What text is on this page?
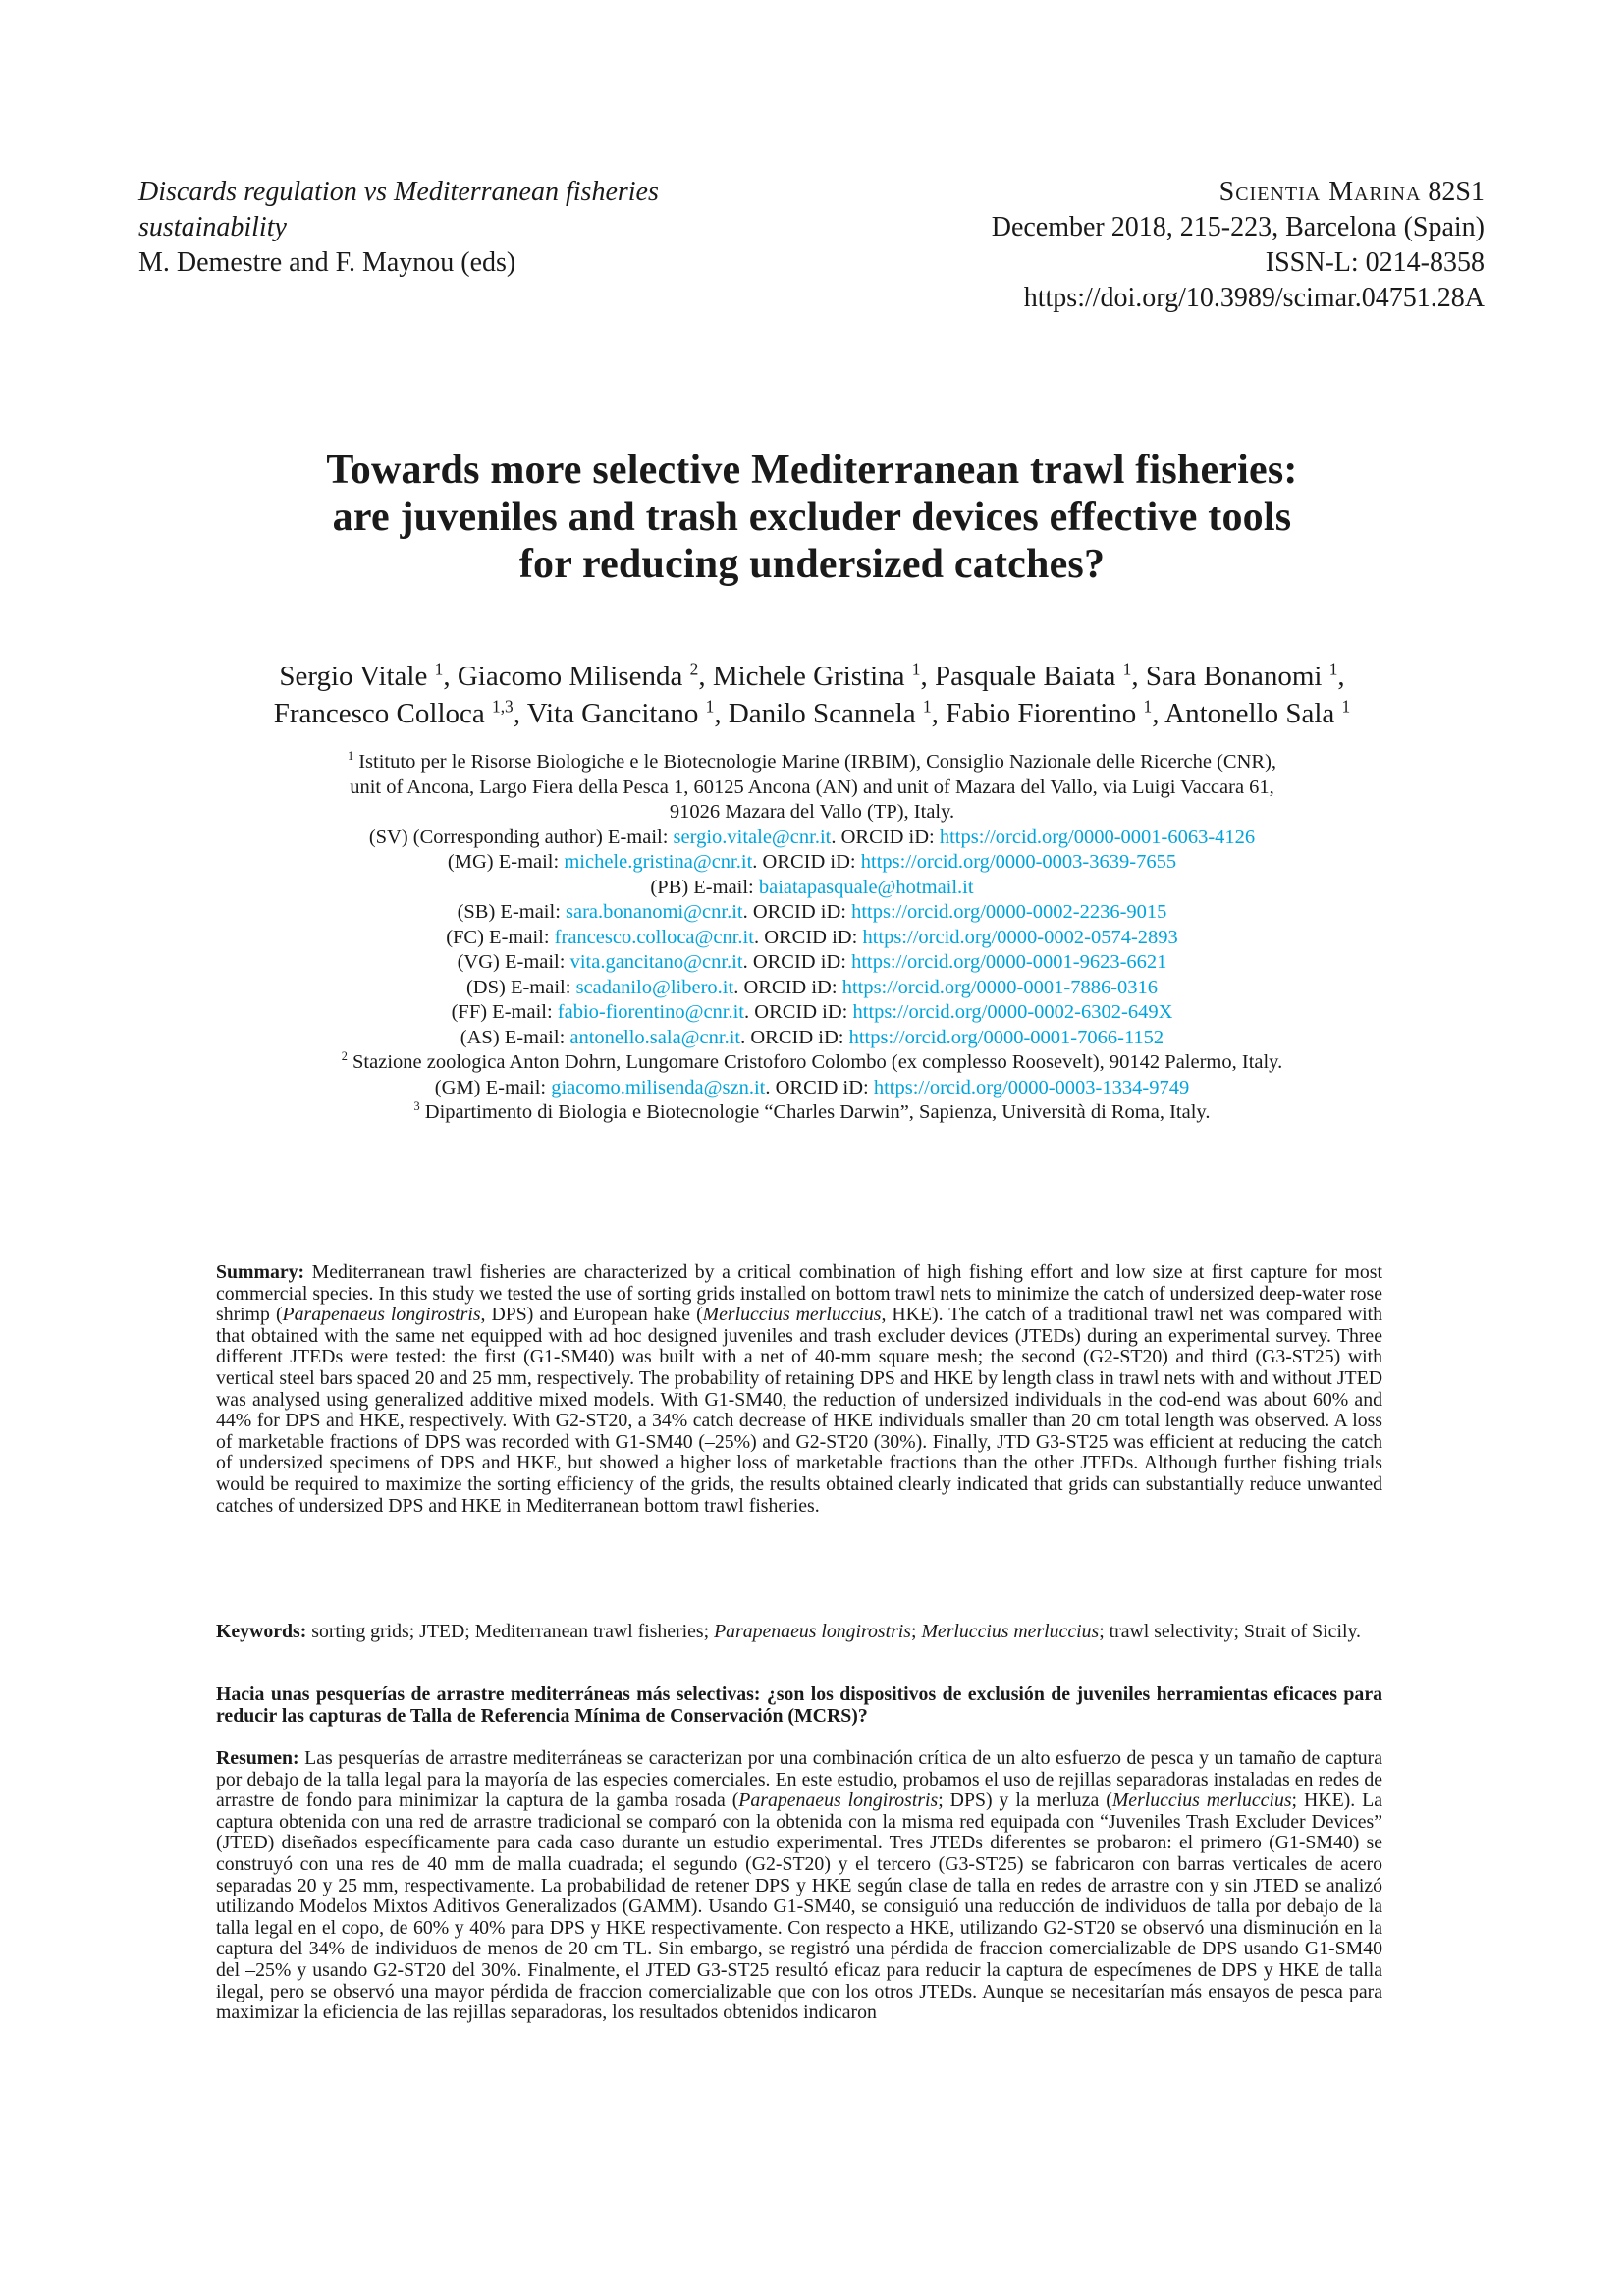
Discards regulation vs Mediterranean fisheries
sustainability
M. Demestre and F. Maynou (eds)
Scientia Marina 82S1
December 2018, 215-223, Barcelona (Spain)
ISSN-L: 0214-8358
https://doi.org/10.3989/scimar.04751.28A
Towards more selective Mediterranean trawl fisheries:
are juveniles and trash excluder devices effective tools
for reducing undersized catches?
Sergio Vitale $^1$, Giacomo Milisenda $^2$, Michele Gristina $^1$, Pasquale Baiata $^1$, Sara Bonanomi $^1$,
Francesco Colloca $^{1,3}$, Vita Gancitano $^1$, Danilo Scannela $^1$, Fabio Fiorentino $^1$, Antonello Sala $^1$
$^1$ Istituto per le Risorse Biologiche e le Biotecnologie Marine (IRBIM), Consiglio Nazionale delle Ricerche (CNR),
unit of Ancona, Largo Fiera della Pesca 1, 60125 Ancona (AN) and unit of Mazara del Vallo, via Luigi Vaccara 61,
91026 Mazara del Vallo (TP), Italy.
(SV) (Corresponding author) E-mail: sergio.vitale@cnr.it. ORCID iD: https://orcid.org/0000-0001-6063-4126
(MG) E-mail: michele.gristina@cnr.it. ORCID iD: https://orcid.org/0000-0003-3639-7655
(PB) E-mail: baiatapasquale@hotmail.it
(SB) E-mail: sara.bonanomi@cnr.it. ORCID iD: https://orcid.org/0000-0002-2236-9015
(FC) E-mail: francesco.colloca@cnr.it. ORCID iD: https://orcid.org/0000-0002-0574-2893
(VG) E-mail: vita.gancitano@cnr.it. ORCID iD: https://orcid.org/0000-0001-9623-6621
(DS) E-mail: scadanilo@libero.it. ORCID iD: https://orcid.org/0000-0001-7886-0316
(FF) E-mail: fabio-fiorentino@cnr.it. ORCID iD: https://orcid.org/0000-0002-6302-649X
(AS) E-mail: antonello.sala@cnr.it. ORCID iD: https://orcid.org/0000-0001-7066-1152
$^2$ Stazione zoologica Anton Dohrn, Lungomare Cristoforo Colombo (ex complesso Roosevelt), 90142 Palermo, Italy.
(GM) E-mail: giacomo.milisenda@szn.it. ORCID iD: https://orcid.org/0000-0003-1334-9749
$^3$ Dipartimento di Biologia e Biotecnologie “Charles Darwin”, Sapienza, Università di Roma, Italy.

Summary: Mediterranean trawl fisheries are characterized by a critical combination of high fishing effort and low size at first capture for most commercial species. In this study we tested the use of sorting grids installed on bottom trawl nets to minimize the catch of undersized deep-water rose shrimp (Parapenaeus longirostris, DPS) and European hake (Merluccius merluccius, HKE). The catch of a traditional trawl net was compared with that obtained with the same net equipped with ad hoc designed juveniles and trash excluder devices (JTEDs) during an experimental survey. Three different JTEDs were tested: the first (G1-SM40) was built with a net of 40-mm square mesh; the second (G2-ST20) and third (G3-ST25) with vertical steel bars spaced 20 and 25 mm, respectively. The probability of retaining DPS and HKE by length class in trawl nets with and without JTED was analysed using generalized additive mixed models. With G1-SM40, the reduction of undersized individuals in the cod-end was about 60% and 44% for DPS and HKE, respectively. With G2-ST20, a 34% catch decrease of HKE individuals smaller than 20 cm total length was observed. A loss of marketable fractions of DPS was recorded with G1-SM40 (–25%) and G2-ST20 (30%). Finally, JTD G3-ST25 was efficient at reducing the catch of undersized specimens of DPS and HKE, but showed a higher loss of marketable fractions than the other JTEDs. Although further fishing trials would be required to maximize the sorting efficiency of the grids, the results obtained clearly indicated that grids can substantially reduce unwanted catches of undersized DPS and HKE in Mediterranean bottom trawl fisheries.

Keywords: sorting grids; JTED; Mediterranean trawl fisheries; Parapenaeus longirostris; Merluccius merluccius; trawl selectivity; Strait of Sicily.

Hacia unas pesquerías de arrastre mediterráneas más selectivas: ¿son los dispositivos de exclusión de juveniles herramientas eficaces para reducir las capturas de Talla de Referencia Mínima de Conservación (MCRS)?

Resumen: Las pesquerías de arrastre mediterráneas se caracterizan por una combinación crítica de un alto esfuerzo de pesca y un tamaño de captura por debajo de la talla legal para la mayoría de las especies comerciales. En este estudio, probamos el uso de rejillas separadoras instaladas en redes de arrastre de fondo para minimizar la captura de la gamba rosada (Parapenaeus longirostris; DPS) y la merluza (Merluccius merluccius; HKE). La captura obtenida con una red de arrastre tradicional se comparó con la obtenida con la misma red equipada con “Juveniles Trash Excluder Devices” (JTED) diseñados específicamente para cada caso durante un estudio experimental. Tres JTEDs diferentes se probaron: el primero (G1-SM40) se construyó con una res de 40 mm de malla cuadrada; el segundo (G2-ST20) y el tercero (G3-ST25) se fabricaron con barras verticales de acero separadas 20 y 25 mm, respectivamente. La probabilidad de retener DPS y HKE según clase de talla en redes de arrastre con y sin JTED se analizó utilizando Modelos Mixtos Aditivos Generalizados (GAMM). Usando G1-SM40, se consiguió una reducción de individuos de talla por debajo de la talla legal en el copo, de 60% y 40% para DPS y HKE respectivamente. Con respecto a HKE, utilizando G2-ST20 se observó una disminución en la captura del 34% de individuos de menos de 20 cm TL. Sin embargo, se registró una pérdida de fraccion comercializable de DPS usando G1-SM40 del –25% y usando G2-ST20 del 30%. Finalmente, el JTED G3-ST25 resultó eficaz para reducir la captura de especímenes de DPS y HKE de talla ilegal, pero se observó una mayor pérdida de fraccion comercializable que con los otros JTEDs. Aunque se necesitarían más ensayos de pesca para maximizar la eficiencia de las rejillas separadoras, los resultados obtenidos indicaron
